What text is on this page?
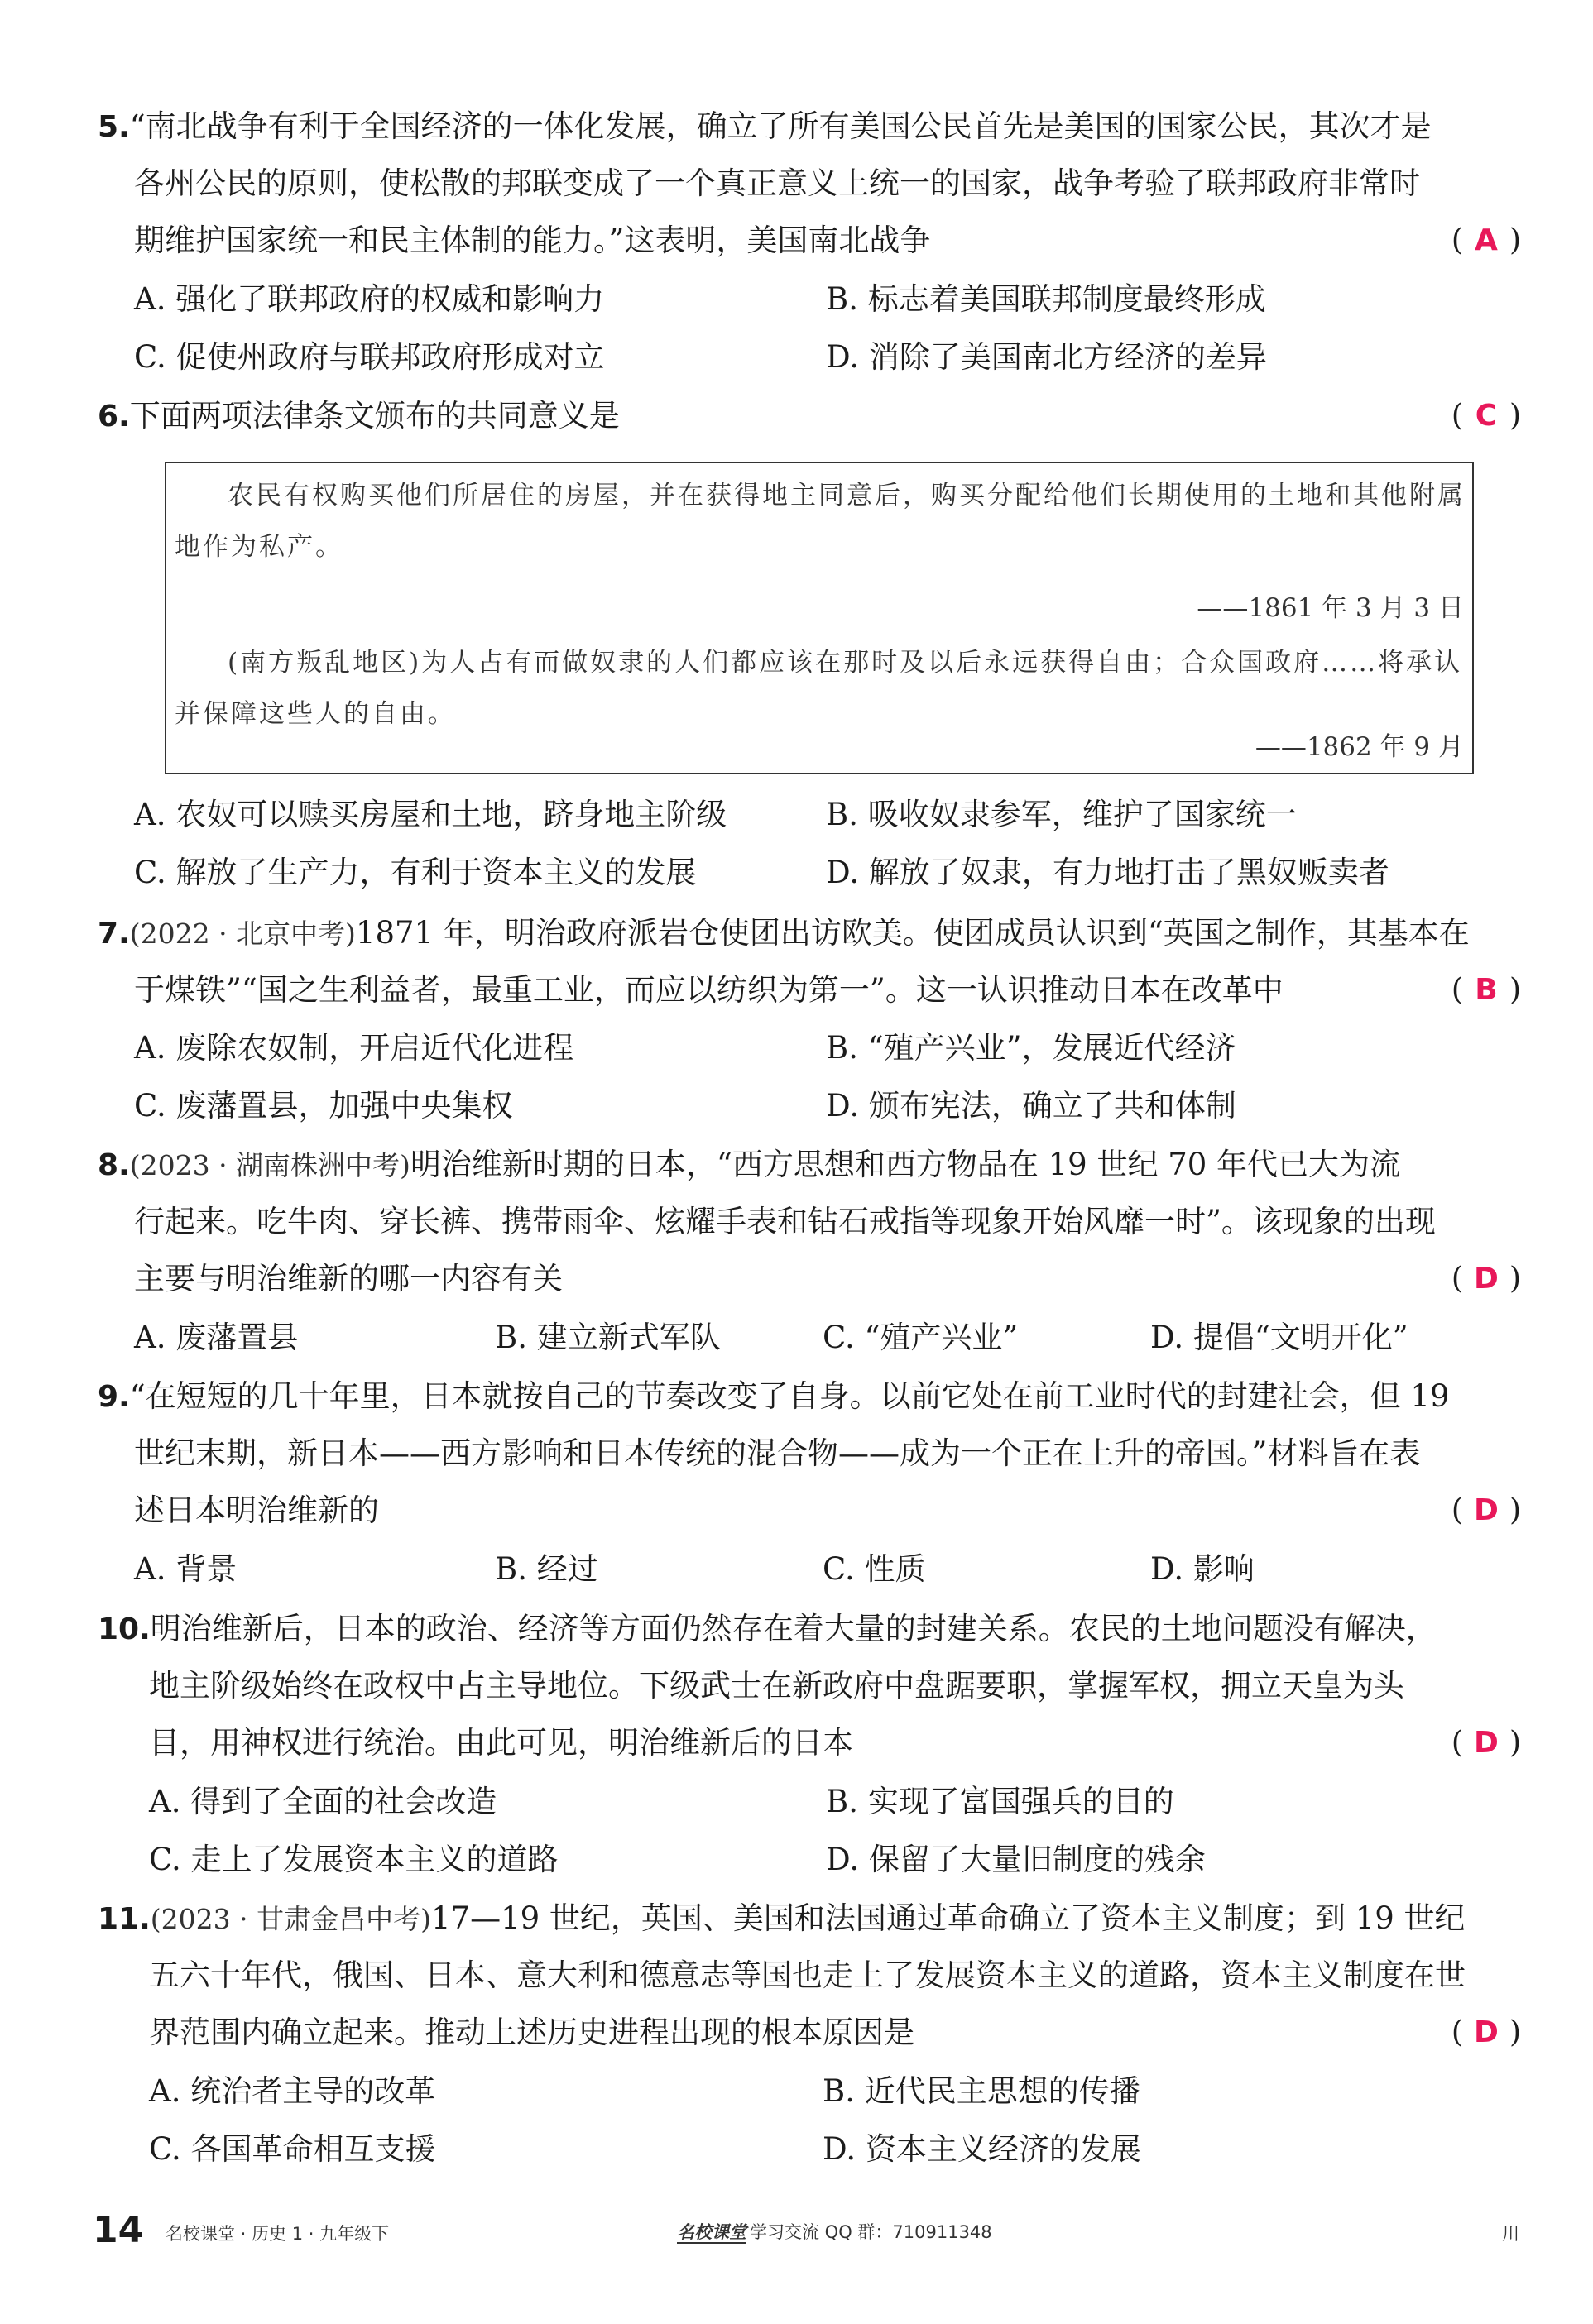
5.“南北战争有利于全国经济的一体化发展，确立了所有美国公民首先是美国的国家公民，其次才是
各州公民的原则，使松散的邦联变成了一个真正意义上统一的国家，战争考验了联邦政府非常时
期维护国家统一和民主体制的能力。”这表明，美国南北战争	( A )
A. 强化了联邦政府的权威和影响力	B. 标志着美国联邦制度最终形成
C. 促使州政府与联邦政府形成对立	D. 消除了美国南北方经济的差异
6.下面两项法律条文颁布的共同意义是	( C )
农民有权购买他们所居住的房屋，并在获得地主同意后，购买分配给他们长期使用的土地和其他附属
地作为私产。
——1861 年 3 月 3 日
(南方叛乱地区)为人占有而做奴隶的人们都应该在那时及以后永远获得自由；合众国政府……将承认
并保障这些人的自由。
——1862 年 9 月
A. 农奴可以赎买房屋和土地，跻身地主阶级	B. 吸收奴隶参军，维护了国家统一
C. 解放了生产力，有利于资本主义的发展	D. 解放了奴隶，有力地打击了黑奴贩卖者
7.(2022 · 北京中考)1871 年，明治政府派岩仓使团出访欧美。使团成员认识到“英国之制作，其基本在
于煤铁”“国之生利益者，最重工业，而应以纺织为第一”。这一认识推动日本在改革中	( B )
A. 废除农奴制，开启近代化进程	B. “殖产兴业”，发展近代经济
C. 废藩置县，加强中央集权	D. 颁布宪法，确立了共和体制
8.(2023 · 湖南株洲中考)明治维新时期的日本，“西方思想和西方物品在 19 世纪 70 年代已大为流
行起来。吃牛肉、穿长裤、携带雨伞、炫耀手表和钻石戒指等现象开始风靡一时”。该现象的出现
主要与明治维新的哪一内容有关	( D )
A. 废藩置县	B. 建立新式军队	C. “殖产兴业”	D. 提倡“文明开化”
9.“在短短的几十年里，日本就按自己的节奏改变了自身。以前它处在前工业时代的封建社会，但 19
世纪末期，新日本——西方影响和日本传统的混合物——成为一个正在上升的帝国。”材料旨在表
述日本明治维新的	( D )
A. 背景	B. 经过	C. 性质	D. 影响
10.明治维新后，日本的政治、经济等方面仍然存在着大量的封建关系。农民的土地问题没有解决，
地主阶级始终在政权中占主导地位。下级武士在新政府中盘踞要职，掌握军权，拥立天皇为头
目，用神权进行统治。由此可见，明治维新后的日本	( D )
A. 得到了全面的社会改造	B. 实现了富国强兵的目的
C. 走上了发展资本主义的道路	D. 保留了大量旧制度的残余
11.(2023 · 甘肃金昌中考)17—19 世纪，英国、美国和法国通过革命确立了资本主义制度；到 19 世纪
五六十年代，俄国、日本、意大利和德意志等国也走上了发展资本主义的道路，资本主义制度在世
界范围内确立起来。推动上述历史进程出现的根本原因是	( D )
A. 统治者主导的改革	B. 近代民主思想的传播
C. 各国革命相互支援	D. 资本主义经济的发展
14 名校课堂 · 历史 1 · 九年级下	名校课堂 学习交流 QQ 群：710911348	川
